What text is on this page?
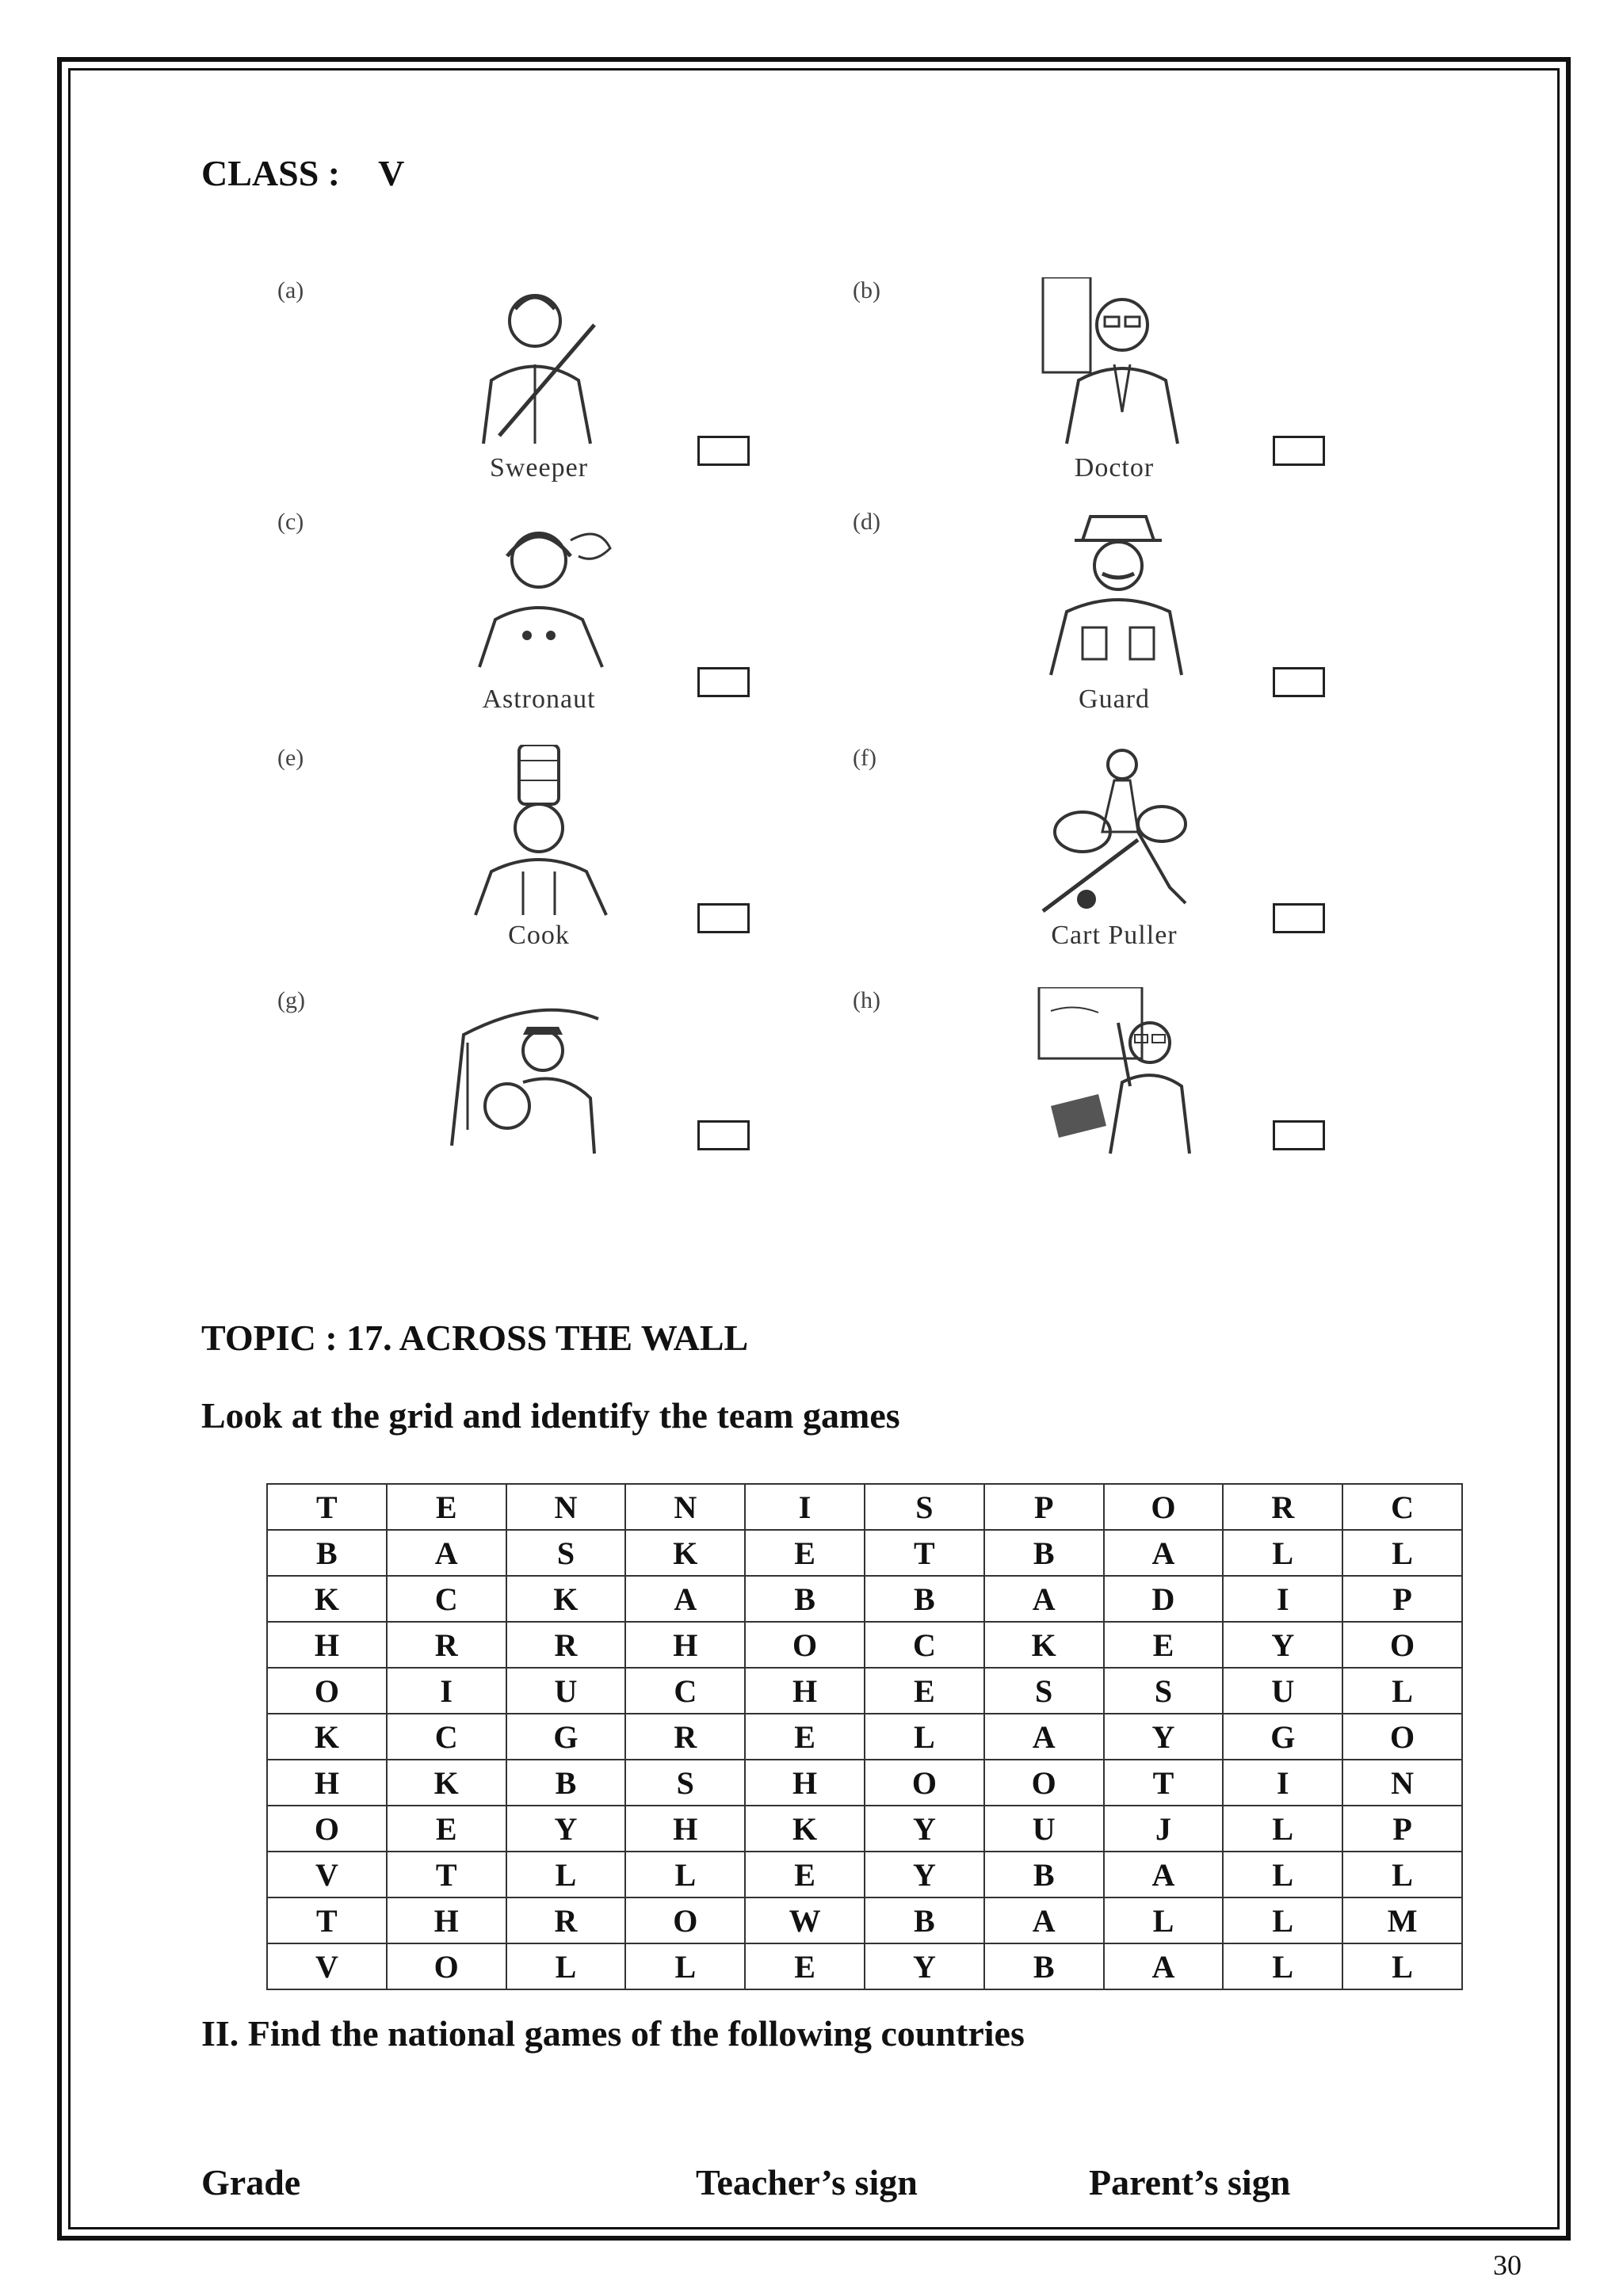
CLASS : V
(a)
Sweeper
(b)
Doctor
(c)
Astronaut
(d)
Guard
(e)
Cook
(f)
Cart Puller
(g)	(h)
TOPIC : 17. ACROSS THE WALL
Look at the grid and identify the team games
T	E	N	N	I	S	P	O	R	C
B	A	S	K	E	T	B	A	L	L
K	C	K	A	B	B	A	D	I	P
H	R	R	H	O	C	K	E	Y	O
O	I	U	C	H	E	S	S	U	L
K	C	G	R	E	L	A	Y	G	O
H	K	B	S	H	O	O	T	I	N
O	E	Y	H	K	Y	U	J	L	P
V	T	L	L	E	Y	B	A	L	L
T	H	R	O	W	B	A	L	L	M
V	O	L	L	E	Y	B	A	L	L
II. Find the national games of the following countries
Grade	Teacher’s sign	Parent’s sign
30
